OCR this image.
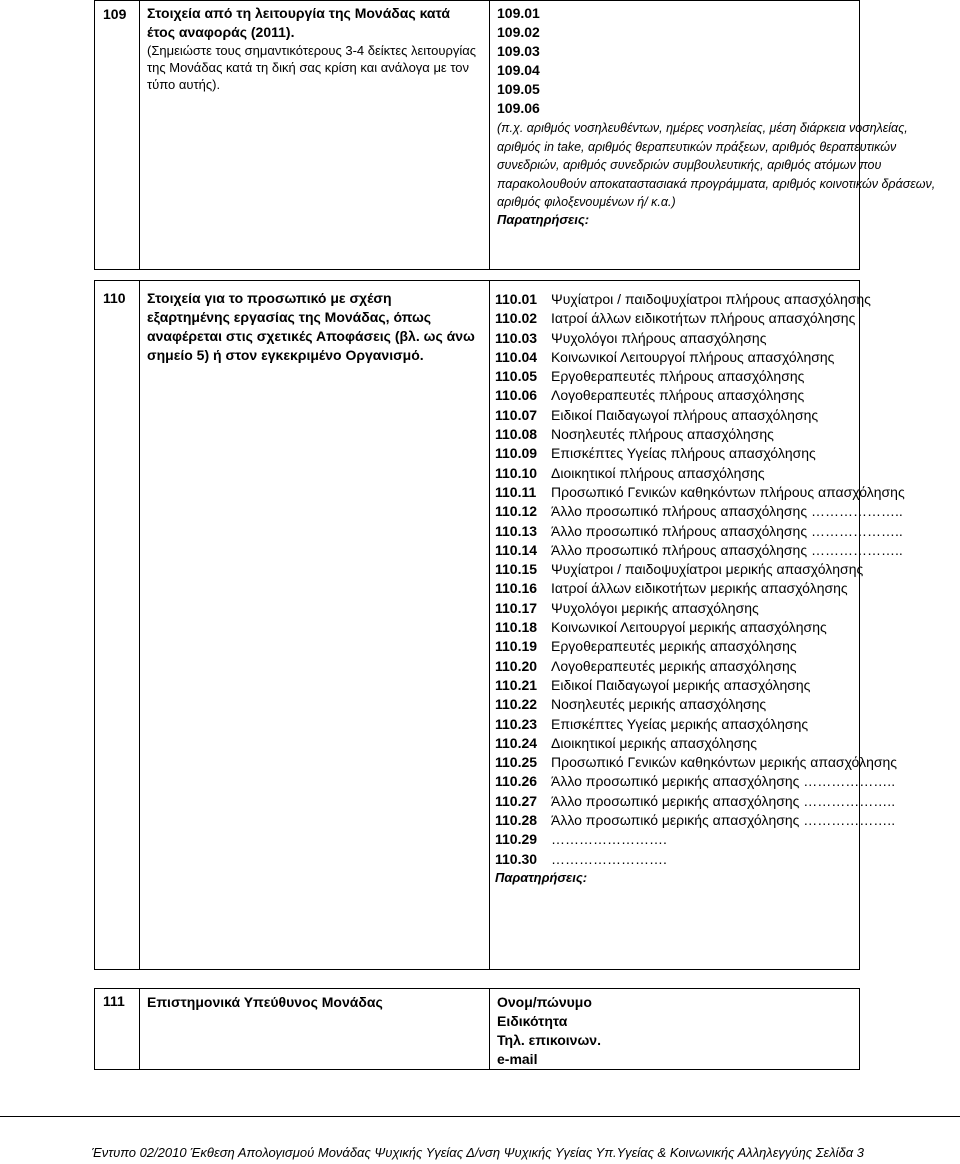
109 Στοιχεία από τη λειτουργία της Μονάδας κατά έτος αναφοράς (2011).
(Σημειώστε τους σημαντικότερους 3-4 δείκτες λειτουργίας της Μονάδας κατά τη δική σας κρίση και ανάλογα με τον τύπο αυτής).
109.01
109.02
109.03
109.04
109.05
109.06
(π.χ. αριθμός νοσηλευθέντων, ημέρες νοσηλείας, μέση διάρκεια νοσηλείας, αριθμός in take, αριθμός θεραπευτικών πράξεων, αριθμός θεραπευτικών συνεδριών, αριθμός συνεδριών συμβουλευτικής, αριθμός ατόμων που παρακολουθούν αποκαταστασιακά προγράμματα, αριθμός κοινοτικών δράσεων, αριθμός φιλοξενουμένων ή/ κ.α.)
Παρατηρήσεις:
110 Στοιχεία για το προσωπικό με σχέση εξαρτημένης εργασίας της Μονάδας, όπως αναφέρεται στις σχετικές Αποφάσεις (βλ. ως άνω σημείο 5) ή στον εγκεκριμένο Οργανισμό.
110.01 Ψυχίατροι / παιδοψυχίατροι πλήρους απασχόλησης
110.02 Ιατροί άλλων ειδικοτήτων πλήρους απασχόλησης
110.03 Ψυχολόγοι πλήρους απασχόλησης
110.04 Κοινωνικοί Λειτουργοί πλήρους απασχόλησης
110.05 Εργοθεραπευτές πλήρους απασχόλησης
110.06 Λογοθεραπευτές πλήρους απασχόλησης
110.07 Ειδικοί Παιδαγωγοί πλήρους απασχόλησης
110.08 Νοσηλευτές πλήρους απασχόλησης
110.09 Επισκέπτες Υγείας πλήρους απασχόλησης
110.10 Διοικητικοί πλήρους απασχόλησης
110.11	Προσωπικό Γενικών καθηκόντων πλήρους απασχόλησης
110.12 Άλλο προσωπικό πλήρους απασχόλησης ………………..
110.13 Άλλο προσωπικό πλήρους απασχόλησης ………………..
110.14 Άλλο προσωπικό πλήρους απασχόλησης ………………..
110.15 Ψυχίατροι / παιδοψυχίατροι μερικής απασχόλησης
110.16 Ιατροί άλλων ειδικοτήτων μερικής απασχόλησης
110.17 Ψυχολόγοι μερικής απασχόλησης
110.18 Κοινωνικοί Λειτουργοί μερικής απασχόλησης
110.19 Εργοθεραπευτές μερικής απασχόλησης
110.20 Λογοθεραπευτές μερικής απασχόλησης
110.21 Ειδικοί Παιδαγωγοί μερικής απασχόλησης
110.22 Νοσηλευτές μερικής απασχόλησης
110.23 Επισκέπτες Υγείας μερικής απασχόλησης
110.24 Διοικητικοί μερικής απασχόλησης
110.25 Προσωπικό Γενικών καθηκόντων μερικής απασχόλησης
110.26 Άλλο προσωπικό μερικής απασχόλησης ………………..
110.27 Άλλο προσωπικό μερικής απασχόλησης ………………..
110.28 Άλλο προσωπικό μερικής απασχόλησης ………………..
110.29 …………………….
110.30 …………………….
Παρατηρήσεις:
111 Επιστημονικά Υπεύθυνος Μονάδας	Ονομ/πώνυμο
Ειδικότητα
Τηλ. επικοινων.
e-mail
Έντυπο 02/2010 Έκθεση Απολογισμού Μονάδας Ψυχικής Υγείας Δ/νση Ψυχικής Υγείας Υπ.Υγείας & Κοινωνικής Αλληλεγγύης Σελίδα 3
